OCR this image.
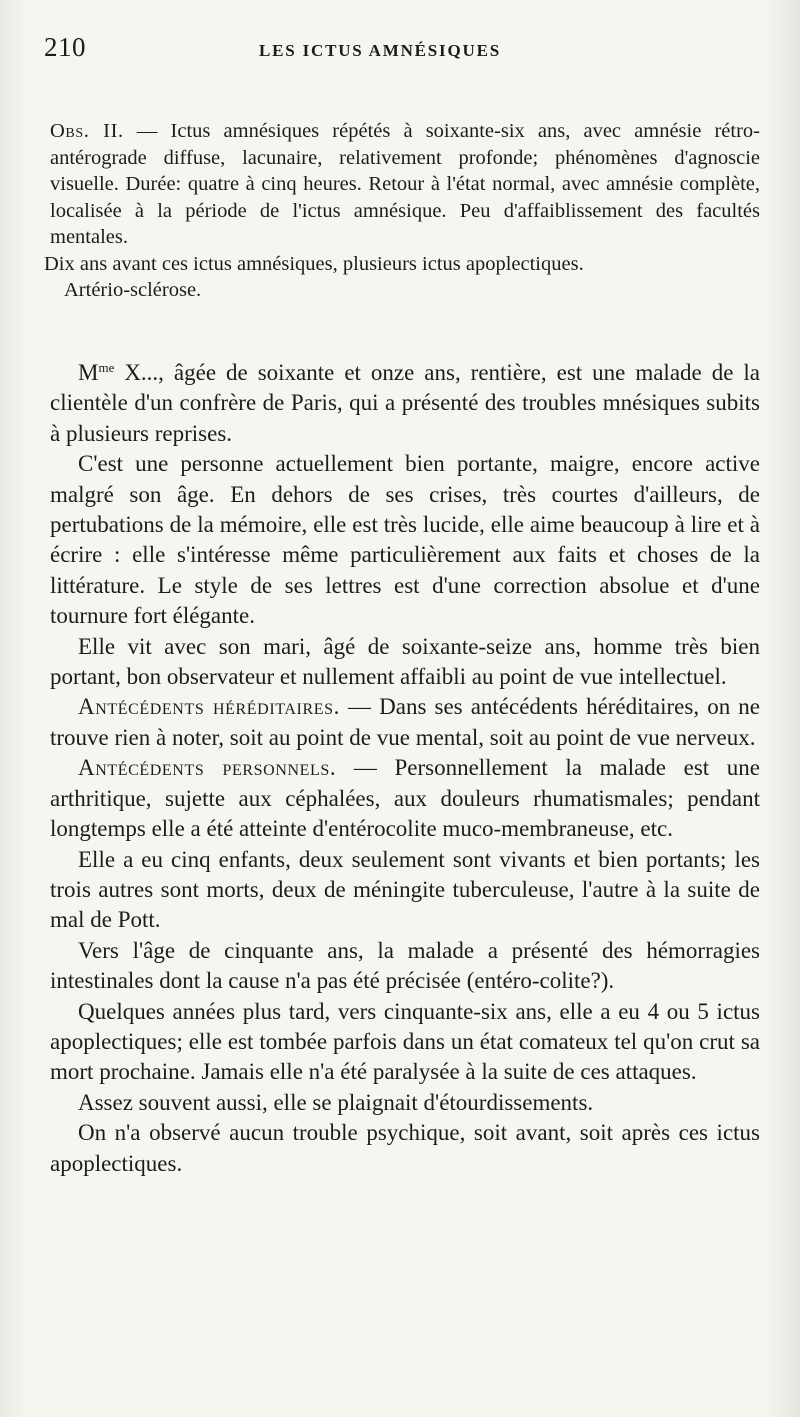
210	LES ICTUS AMNÉSIQUES

Obs. II. — Ictus amnésiques répétés à soixante-six ans, avec amnésie rétro-antérograde diffuse, lacunaire, relativement profonde; phénomènes d'agnoscie visuelle. Durée: quatre à cinq heures. Retour à l'état normal, avec amnésie complète, localisée à la période de l'ictus amnésique. Peu d'affaiblissement des facultés mentales.

Dix ans avant ces ictus amnésiques, plusieurs ictus apoplectiques.

Artério-sclérose.

$M^{me}$ X..., âgée de soixante et onze ans, rentière, est une malade de la clientèle d'un confrère de Paris, qui a présenté des troubles mnésiques subits à plusieurs reprises.

C'est une personne actuellement bien portante, maigre, encore active malgré son âge. En dehors de ses crises, très courtes d'ailleurs, de pertubations de la mémoire, elle est très lucide, elle aime beaucoup à lire et à écrire : elle s'intéresse même particulièrement aux faits et choses de la littérature. Le style de ses lettres est d'une correction absolue et d'une tournure fort élégante.

Elle vit avec son mari, âgé de soixante-seize ans, homme très bien portant, bon observateur et nullement affaibli au point de vue intellectuel.

Antécédents héréditaires. — Dans ses antécédents héréditaires, on ne trouve rien à noter, soit au point de vue mental, soit au point de vue nerveux.

Antécédents personnels. — Personnellement la malade est une arthritique, sujette aux céphalées, aux douleurs rhumatismales; pendant longtemps elle a été atteinte d'entérocolite muco-membraneuse, etc.

Elle a eu cinq enfants, deux seulement sont vivants et bien portants; les trois autres sont morts, deux de méningite tuberculeuse, l'autre à la suite de mal de Pott.

Vers l'âge de cinquante ans, la malade a présenté des hémorragies intestinales dont la cause n'a pas été précisée (entéro-colite?).

Quelques années plus tard, vers cinquante-six ans, elle a eu 4 ou 5 ictus apoplectiques; elle est tombée parfois dans un état comateux tel qu'on crut sa mort prochaine. Jamais elle n'a été paralysée à la suite de ces attaques.

Assez souvent aussi, elle se plaignait d'étourdissements.

On n'a observé aucun trouble psychique, soit avant, soit après ces ictus apoplectiques.
